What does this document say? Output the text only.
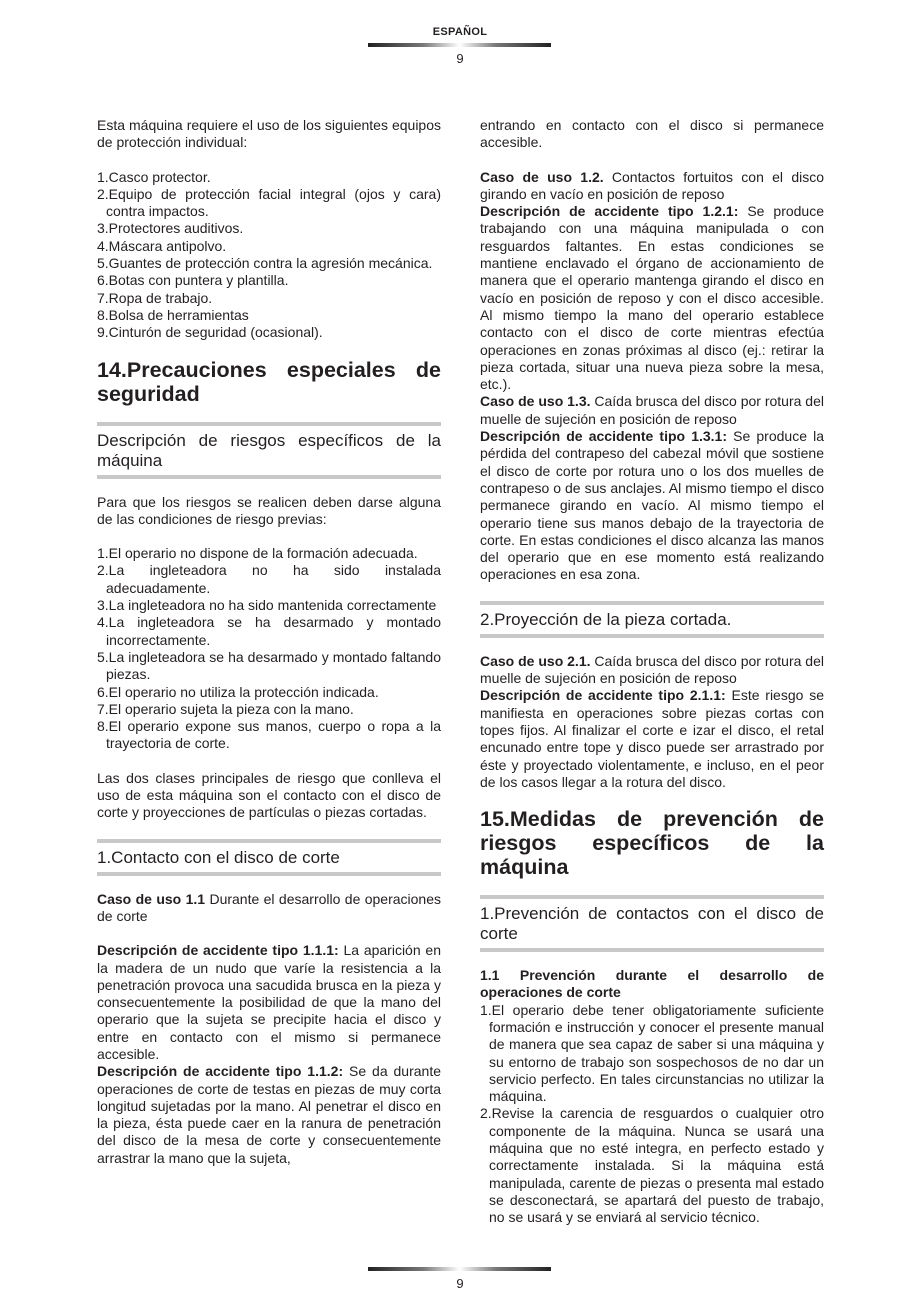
ESPAÑOL
9

Esta máquina requiere el uso de los siguientes equipos de protección individual:

1.Casco protector.
2.Equipo de protección facial integral (ojos y cara) contra impactos.
3.Protectores auditivos.
4.Máscara antipolvo.
5.Guantes de protección contra la agresión mecánica.
6.Botas con puntera y plantilla.
7.Ropa de trabajo.
8.Bolsa de herramientas
9.Cinturón de seguridad (ocasional).
14.Precauciones especiales de seguridad
Descripción de riesgos específicos de la máquina

Para que los riesgos se realicen deben darse alguna de las condiciones de riesgo previas:

1.El operario no dispone de la formación adecuada.
2.La ingleteadora no ha sido instalada adecuadamente.
3.La ingleteadora no ha sido mantenida correctamente
4.La ingleteadora se ha desarmado y montado incorrectamente.
5.La ingleteadora se ha desarmado y montado faltando piezas.
6.El operario no utiliza la protección indicada.
7.El operario sujeta la pieza con la mano.
8.El operario expone sus manos, cuerpo o ropa a la trayectoria de corte.

Las dos clases principales de riesgo que conlleva el uso de esta máquina son el contacto con el disco de corte y proyecciones de partículas o piezas cortadas.

1.Contacto con el disco de corte

Caso de uso 1.1 Durante el desarrollo de operaciones de corte

Descripción de accidente tipo 1.1.1: La aparición en la madera de un nudo que varíe la resistencia a la penetración provoca una sacudida brusca en la pieza y consecuentemente la posibilidad de que la mano del operario que la sujeta se precipite hacia el disco y entre en contacto con el mismo si permanece accesible.

Descripción de accidente tipo 1.1.2: Se da durante operaciones de corte de testas en piezas de muy corta longitud sujetadas por la mano. Al penetrar el disco en la pieza, ésta puede caer en la ranura de penetración del disco de la mesa de corte y consecuentemente arrastrar la mano que la sujeta,

entrando en contacto con el disco si permanece accesible.

Caso de uso 1.2. Contactos fortuitos con el disco girando en vacío en posición de reposo

Descripción de accidente tipo 1.2.1: Se produce trabajando con una máquina manipulada o con resguardos faltantes. En estas condiciones se mantiene enclavado el órgano de accionamiento de manera que el operario mantenga girando el disco en vacío en posición de reposo y con el disco accesible. Al mismo tiempo la mano del operario establece contacto con el disco de corte mientras efectúa operaciones en zonas próximas al disco (ej.: retirar la pieza cortada, situar una nueva pieza sobre la mesa, etc.).

Caso de uso 1.3. Caída brusca del disco por rotura del muelle de sujeción en posición de reposo

Descripción de accidente tipo 1.3.1: Se produce la pérdida del contrapeso del cabezal móvil que sostiene el disco de corte por rotura uno o los dos muelles de contrapeso o de sus anclajes. Al mismo tiempo el disco permanece girando en vacío. Al mismo tiempo el operario tiene sus manos debajo de la trayectoria de corte. En estas condiciones el disco alcanza las manos del operario que en ese momento está realizando operaciones en esa zona.

2.Proyección de la pieza cortada.

Caso de uso 2.1. Caída brusca del disco por rotura del muelle de sujeción en posición de reposo

Descripción de accidente tipo 2.1.1: Este riesgo se manifiesta en operaciones sobre piezas cortas con topes fijos. Al finalizar el corte e izar el disco, el retal encunado entre tope y disco puede ser arrastrado por éste y proyectado violentamente, e incluso, en el peor de los casos llegar a la rotura del disco.

15.Medidas de prevención de riesgos específicos de la máquina
1.Prevención de contactos con el disco de corte

1.1 Prevención durante el desarrollo de operaciones de corte

1.El operario debe tener obligatoriamente suficiente formación e instrucción y conocer el presente manual de manera que sea capaz de saber si una máquina y su entorno de trabajo son sospechosos de no dar un servicio perfecto. En tales circunstancias no utilizar la máquina.
2.Revise la carencia de resguardos o cualquier otro componente de la máquina. Nunca se usará una máquina que no esté integra, en perfecto estado y correctamente instalada. Si la máquina está manipulada, carente de piezas o presenta mal estado se desconectará, se apartará del puesto de trabajo, no se usará y se enviará al servicio técnico.
9
